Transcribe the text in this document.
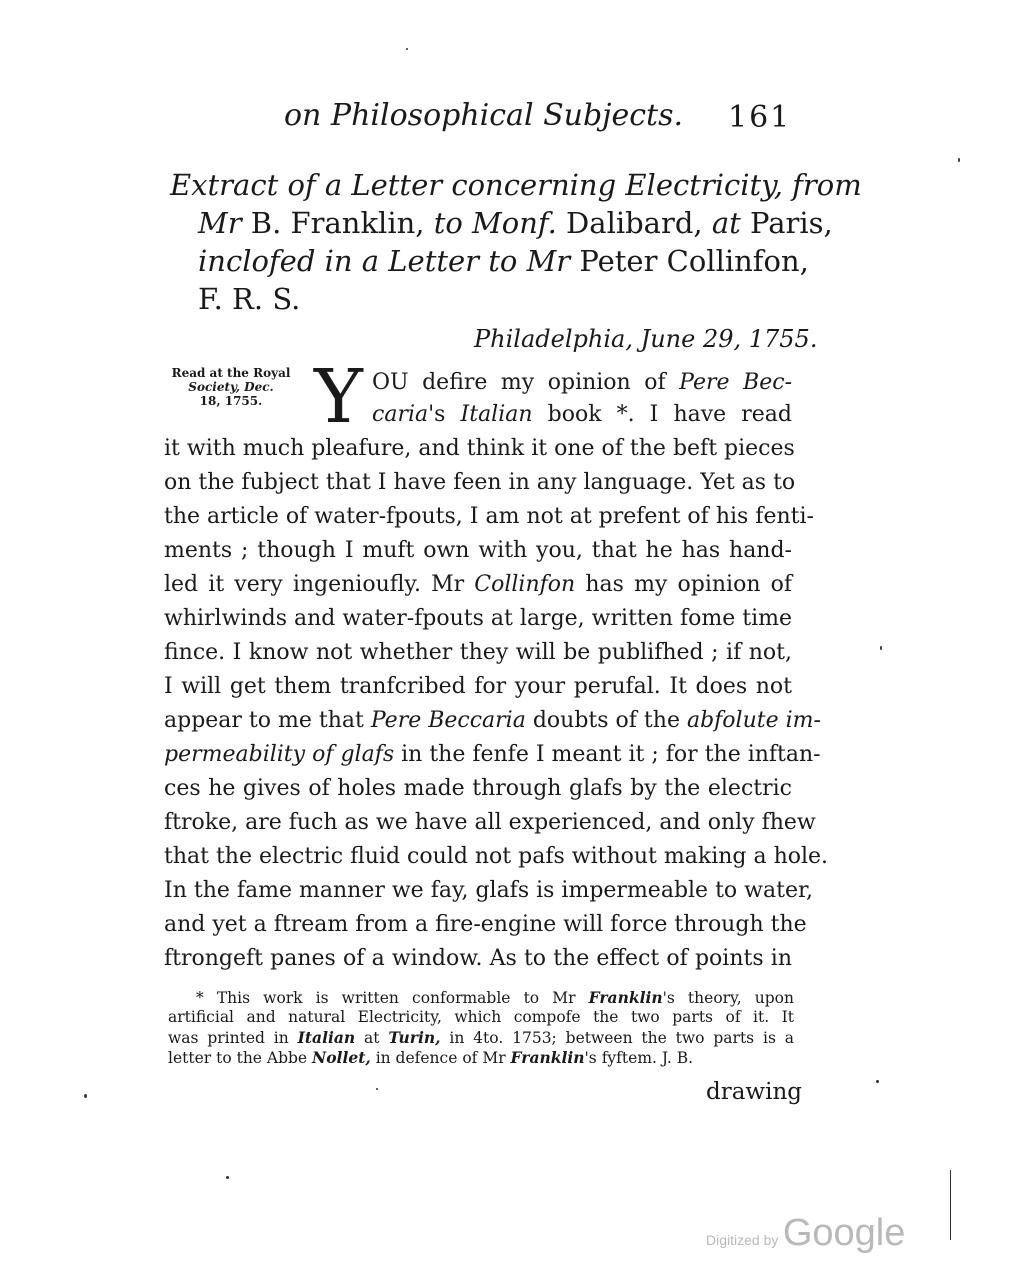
on Philosophical Subjects. 161
Extract of a Letter concerning Electricity, from
Mr B. Franklin, to Monf. Dalibard, at Paris,
inclofed in a Letter to Mr Peter Collinfon,
F. R. S.
Philadelphia, June 29, 1755.
Read at the Royal
Society, Dec.
18, 1755. Y OU defire my opinion of Pere Bec-
caria's Italian book *. I have read
it with much pleafure, and think it one of the beft pieces
on the fubject that I have feen in any language. Yet as to
the article of water-fpouts, I am not at prefent of his fenti-
ments ; though I muft own with you, that he has hand-
led it very ingenioufly. Mr Collinfon has my opinion of
whirlwinds and water-fpouts at large, written fome time
fince. I know not whether they will be publifhed ; if not,
I will get them tranfcribed for your perufal. It does not
appear to me that Pere Beccaria doubts of the abfolute im-
permeability of glafs in the fenfe I meant it ; for the inftan-
ces he gives of holes made through glafs by the electric
ftroke, are fuch as we have all experienced, and only fhew
that the electric fluid could not pafs without making a hole.
In the fame manner we fay, glafs is impermeable to water,
and yet a ftream from a fire-engine will force through the
ftrongeft panes of a window. As to the effect of points in
* This work is written conformable to Mr Franklin's theory, upon
artificial and natural Electricity, which compofe the two parts of it. It
was printed in Italian at Turin, in 4to. 1753; between the two parts is a
letter to the Abbe Nollet, in defence of Mr Franklin's fyftem. J. B.
drawing
Digitized by Google
